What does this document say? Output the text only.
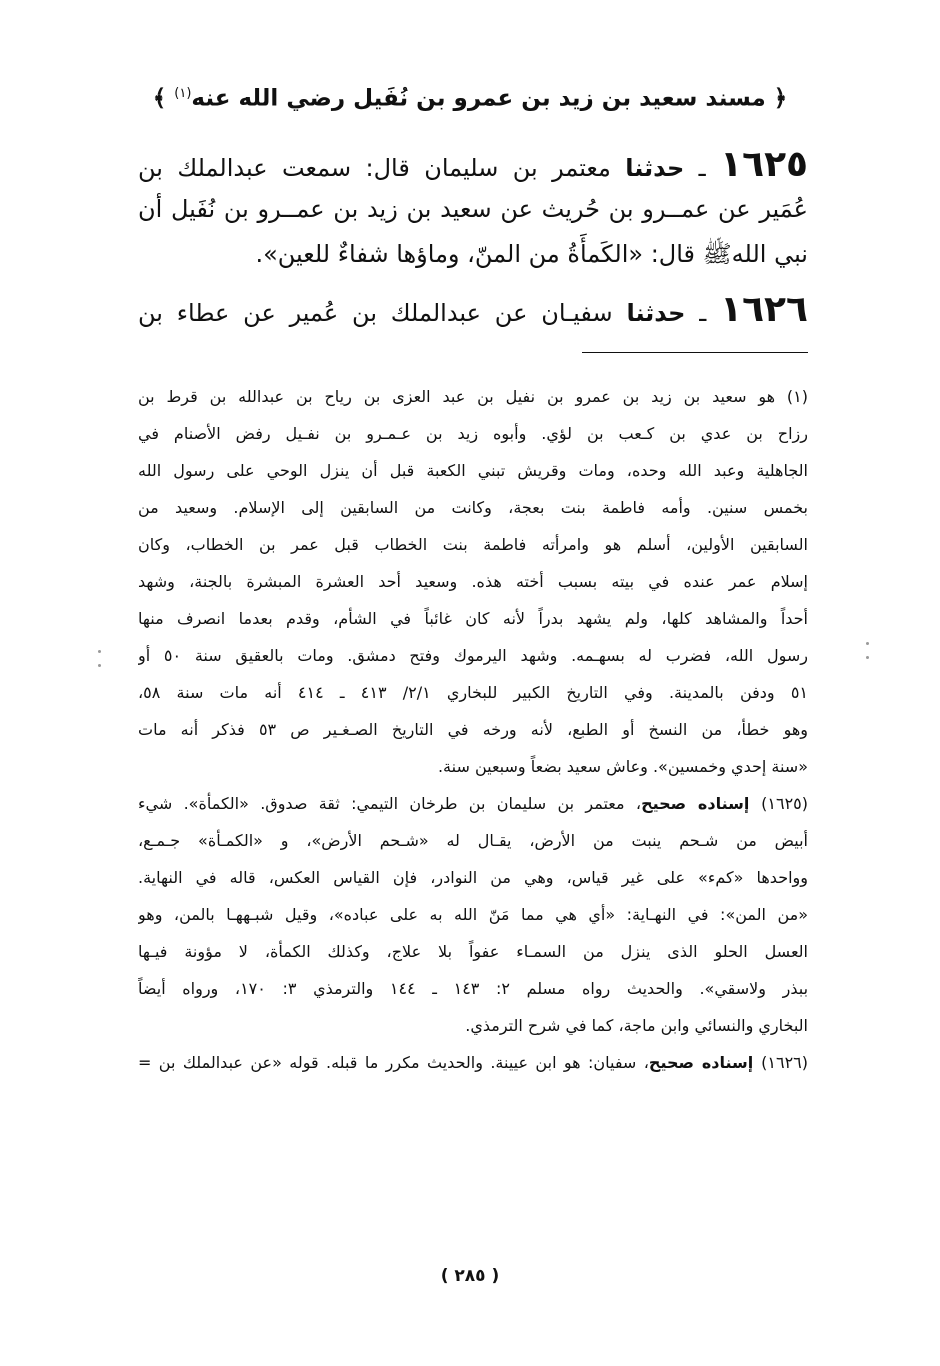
﴿ مسند سعيد بن زيد بن عمرو بن نُفَيل رضي الله عنه$^{(١)}$ ﴾
١٦٢٥ ـ حدثنا معتمر بن سليمان قال: سمعت عبدالملك بن
عُمَير عن عمــرو بن حُريث عن سعيد بن زيد بن عمــرو بن نُفَيل أن
نبي اللهﷺ قال: «الكَمأَةُ من المنّ، وماؤها شفاءٌ للعين».
١٦٢٦ ـ حدثنا سفيـان عن عبدالملك بن عُمير عن عطاء بن
(١) هو سعيد بن زيد بن عمرو بن نفيل بن عبد العزى بن رياح بن عبدالله بن قرط بن
رزاح بن عدي بن كـعب بن لؤي. وأبوه زيد بن عـمـرو بن نفـيل رفض الأصنام في
الجاهلية وعبد الله وحده، ومات وقريش تبني الكعبة قبل أن ينزل الوحي على رسول الله
بخمس سنين. وأمه فاطمة بنت بعجة، وكانت من السابقين إلى الإسلام. وسعيد من
السابقين الأولين، أسلم هو وامرأته فاطمة بنت الخطاب قبل عمر بن الخطاب، وكان
إسلام عمر عنده في بيته بسبب أخته هذه. وسعيد أحد العشرة المبشرة بالجنة، وشهد
أحداً والمشاهد كلها، ولم يشهد بدراً لأنه كان غائباً في الشأم، وقدم بعدما انصرف منها
رسول الله، فضرب له بسهـمه. وشهد اليرموك وفتح دمشق. ومات بالعقيق سنة ٥٠ أو
٥١ ودفن بالمدينة. وفي التاريخ الكبير للبخاري ٢/١/ ٤١٣ ـ ٤١٤ أنه مات سنة ٥٨،
وهو خطأ، من النسخ أو الطبع، لأنه ورخه في التاريخ الصـغـير ص ٥٣ فذكر أنه مات
«سنة إحدي وخمسين». وعاش سعيد بضعاً وسبعين سنة.
(١٦٢٥) إسناده صحيح، معتمر بن سليمان بن طرخان التيمي: ثقة صدوق. «الكمأة». شيء
أبيض من شـحم ينبت من الأرض، يقـال له «شـحم الأرض»، و «الكمـأة» جـمـع،
وواحدها «كمء» على غير قياس، وهي من النوادر، فإن القياس العكس، قاله في النهاية.
«من المن»: في النهـاية: «أي هي مما مَنّ الله به على عباده»، وقيل شبـههـا بالمن، وهو
العسل الحلو الذى ينزل من السمـاء عفواً بلا علاج، وكذلك الكمأة، لا مؤونة فيـها
ببذر ولاسقي». والحديث رواه مسلم ٢: ١٤٣ ـ ١٤٤ والترمذي ٣: ١٧٠، ورواه أيضاً
البخاري والنسائي وابن ماجة، كما في شرح الترمذي.
(١٦٢٦) إسناده صحيح، سفيان: هو ابن عيينة. والحديث مكرر ما قبله. قوله «عن عبدالملك بن =
( ٢٨٥ )
